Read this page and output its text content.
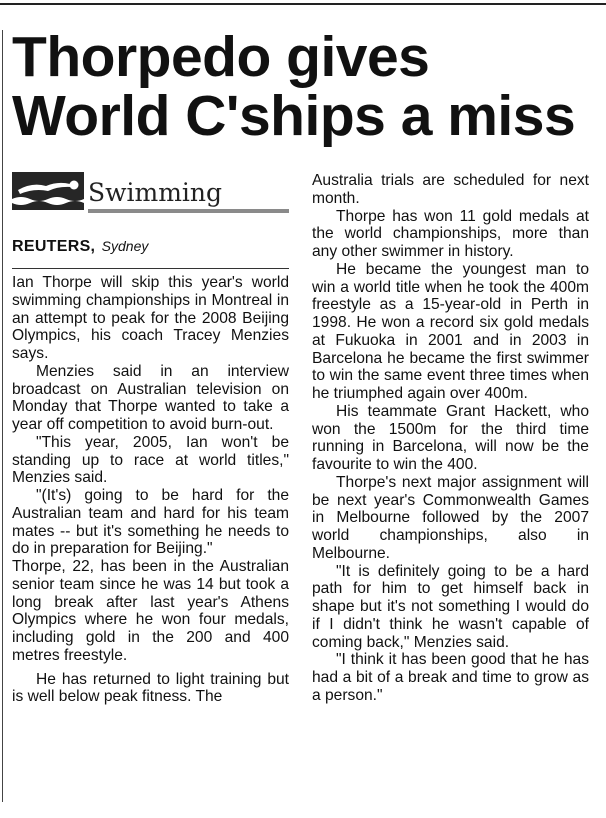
Thorpedo gives World C'ships a miss
Swimming
REUTERS, Sydney

Ian Thorpe will skip this year's world swimming championships in Montreal in an attempt to peak for the 2008 Beijing Olympics, his coach Tracey Menzies says.

Menzies said in an interview broadcast on Australian television on Monday that Thorpe wanted to take a year off competition to avoid burn-out.

"This year, 2005, Ian won't be standing up to race at world titles," Menzies said.

"(It's) going to be hard for the Australian team and hard for his team mates -- but it's something he needs to do in preparation for Beijing."

Thorpe, 22, has been in the Australian senior team since he was 14 but took a long break after last year's Athens Olympics where he won four medals, including gold in the 200 and 400 metres freestyle.

He has returned to light training but is well below peak fitness. The

Australia trials are scheduled for next month.

Thorpe has won 11 gold medals at the world championships, more than any other swimmer in history.

He became the youngest man to win a world title when he took the 400m freestyle as a 15-year-old in Perth in 1998. He won a record six gold medals at Fukuoka in 2001 and in 2003 in Barcelona he became the first swimmer to win the same event three times when he triumphed again over 400m.

His teammate Grant Hackett, who won the 1500m for the third time running in Barcelona, will now be the favourite to win the 400.

Thorpe's next major assignment will be next year's Commonwealth Games in Melbourne followed by the 2007 world championships, also in Melbourne.

"It is definitely going to be a hard path for him to get himself back in shape but it's not something I would do if I didn't think he wasn't capable of coming back," Menzies said.

"I think it has been good that he has had a bit of a break and time to grow as a person."
